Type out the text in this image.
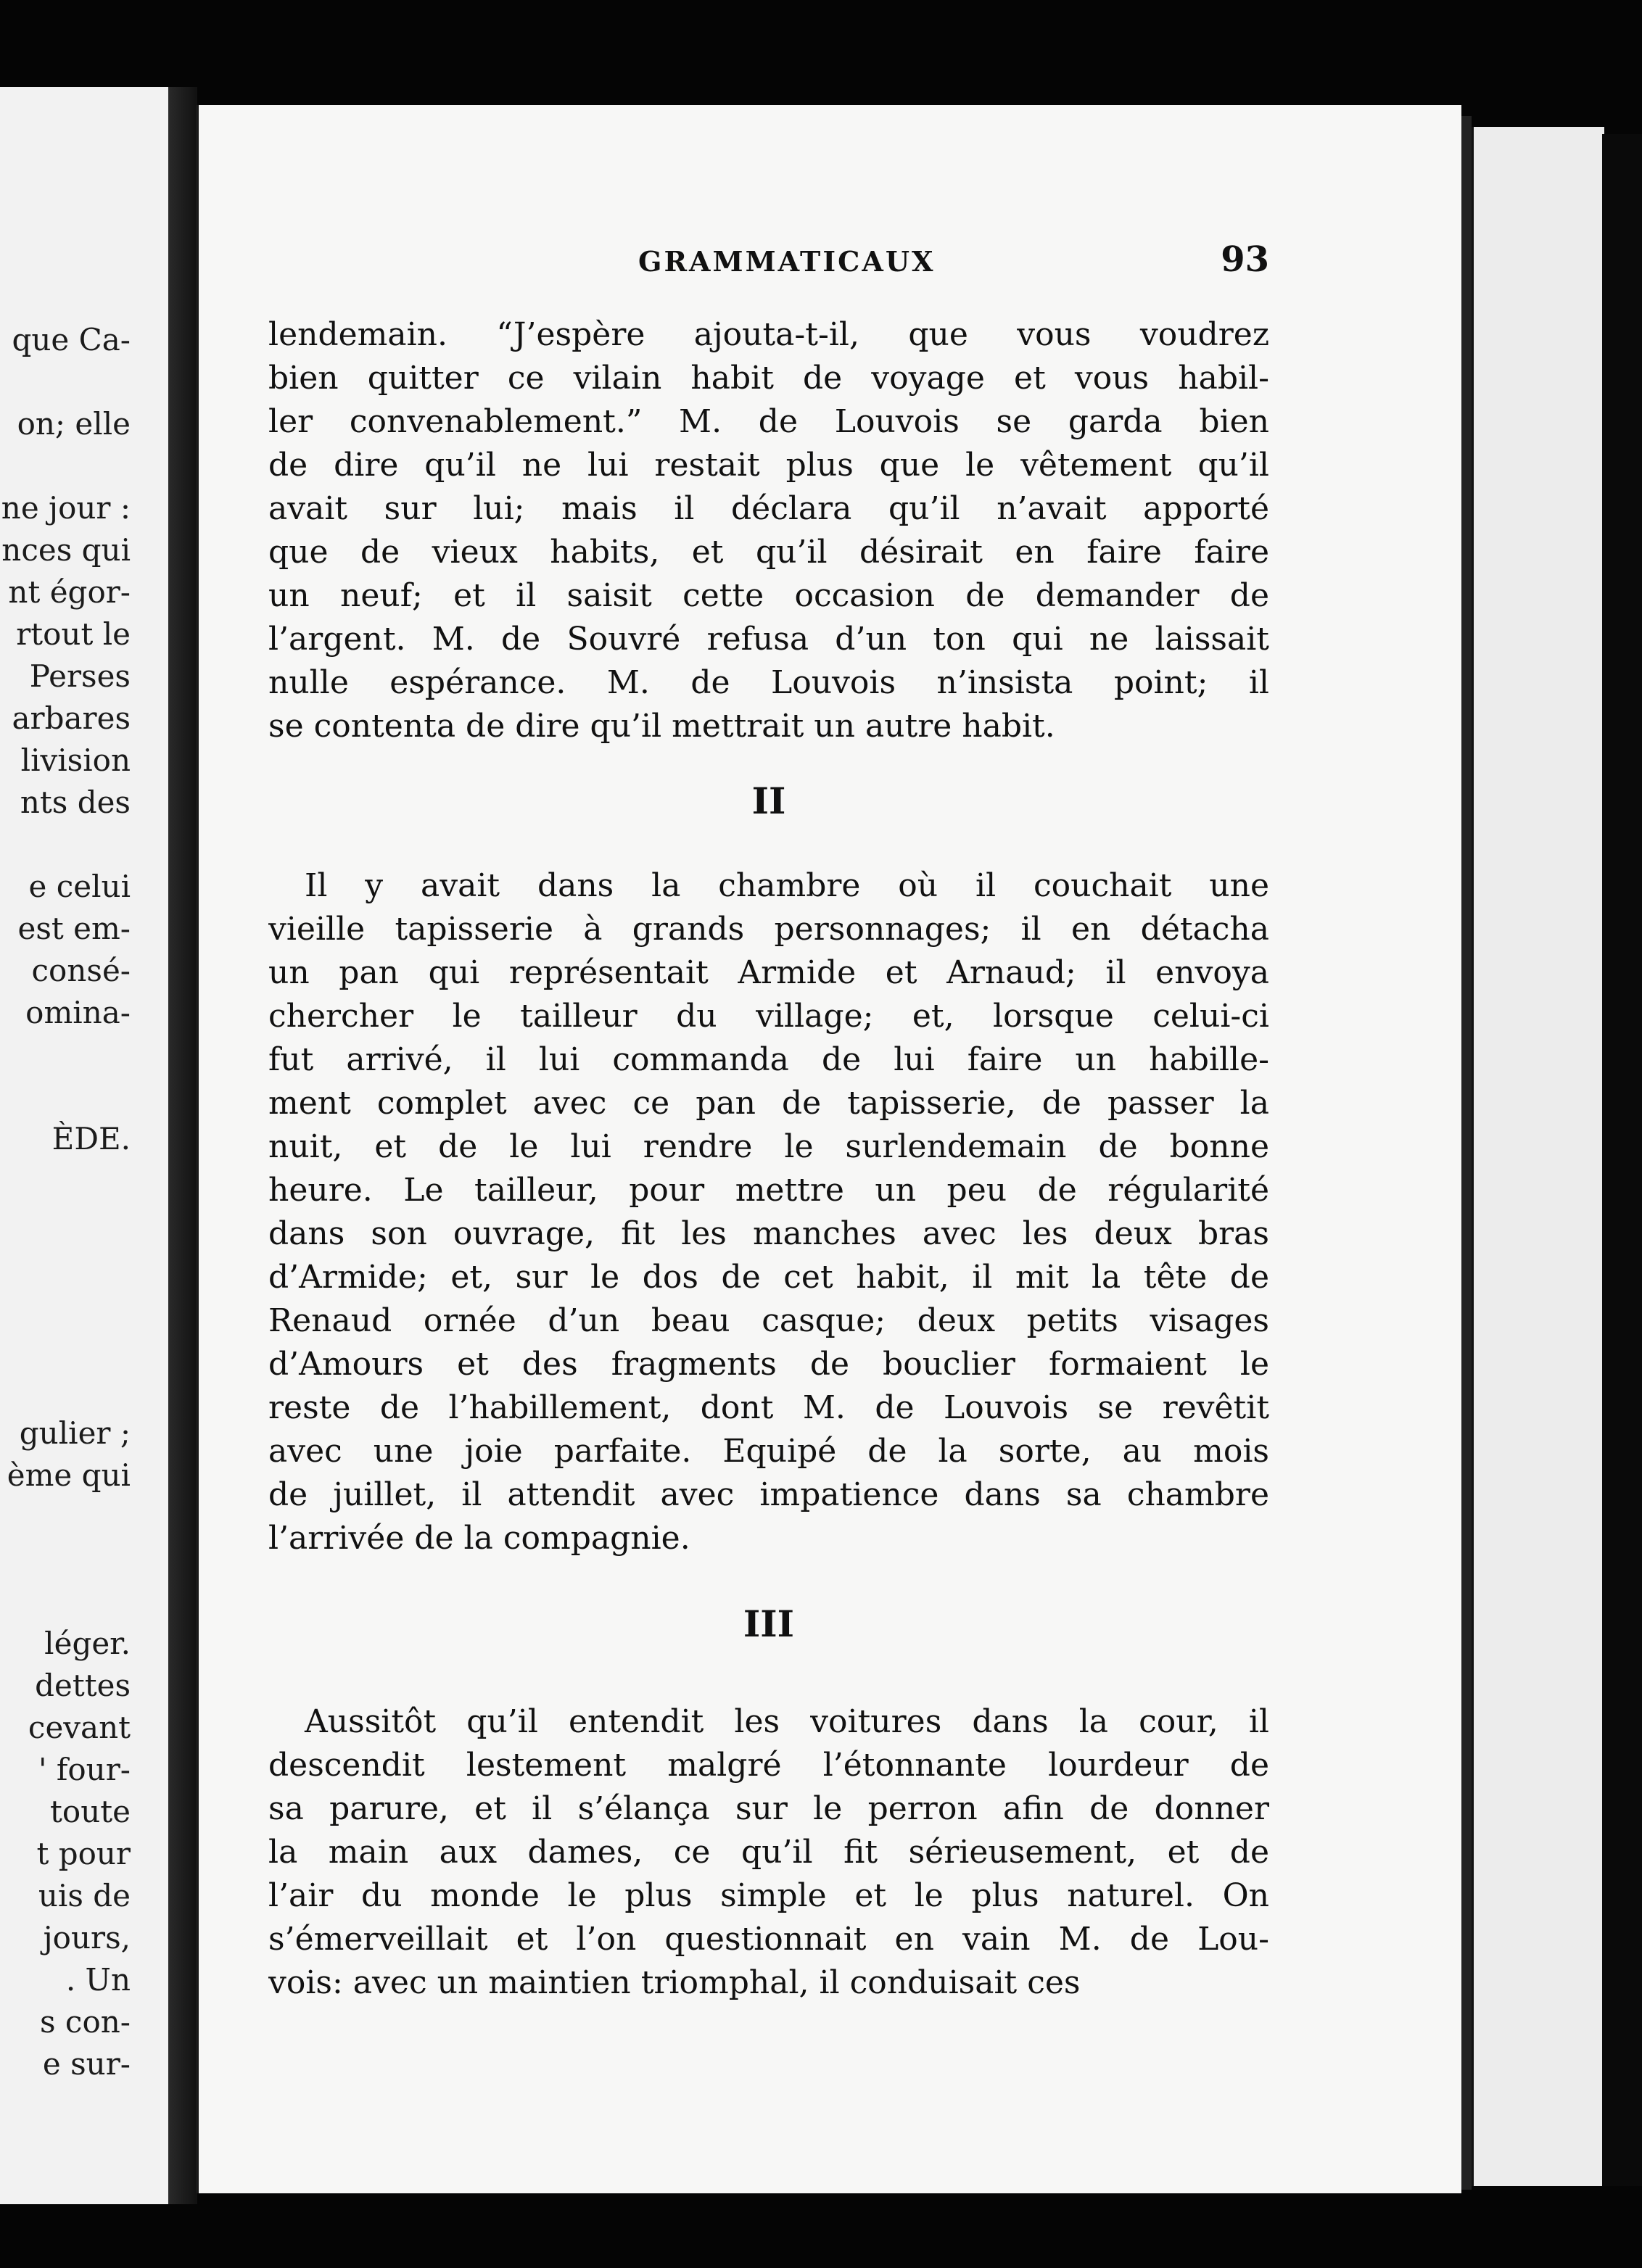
que Ca-
on; elle
ne jour :
nces qui
nt égor-
rtout le
Perses
arbares
livision
nts des
e celui
est em-
consé-
omina-
ÈDE.
gulier ;
ème qui
léger.
dettes
cevant
' four-
toute
t pour
uis de
jours,
. Un
s con-
e sur-
GRAMMATICAUX	93
lendemain. “J’espère ajouta-t-il, que vous voudrez
bien quitter ce vilain habit de voyage et vous habil-
ler convenablement.” M. de Louvois se garda bien
de dire qu’il ne lui restait plus que le vêtement qu’il
avait sur lui; mais il déclara qu’il n’avait apporté
que de vieux habits, et qu’il désirait en faire faire
un neuf; et il saisit cette occasion de demander de
l’argent. M. de Souvré refusa d’un ton qui ne laissait
nulle espérance. M. de Louvois n’insista point; il
se contenta de dire qu’il mettrait un autre habit.
II
Il y avait dans la chambre où il couchait une
vieille tapisserie à grands personnages; il en détacha
un pan qui représentait Armide et Arnaud; il envoya
chercher le tailleur du village; et, lorsque celui-ci
fut arrivé, il lui commanda de lui faire un habille-
ment complet avec ce pan de tapisserie, de passer la
nuit, et de le lui rendre le surlendemain de bonne
heure. Le tailleur, pour mettre un peu de régularité
dans son ouvrage, fit les manches avec les deux bras
d’Armide; et, sur le dos de cet habit, il mit la tête de
Renaud ornée d’un beau casque; deux petits visages
d’Amours et des fragments de bouclier formaient le
reste de l’habillement, dont M. de Louvois se revêtit
avec une joie parfaite. Equipé de la sorte, au mois
de juillet, il attendit avec impatience dans sa chambre
l’arrivée de la compagnie.
III
Aussitôt qu’il entendit les voitures dans la cour, il
descendit lestement malgré l’étonnante lourdeur de
sa parure, et il s’élança sur le perron afin de donner
la main aux dames, ce qu’il fit sérieusement, et de
l’air du monde le plus simple et le plus naturel. On
s’émerveillait et l’on questionnait en vain M. de Lou-
vois: avec un maintien triomphal, il conduisait ces
